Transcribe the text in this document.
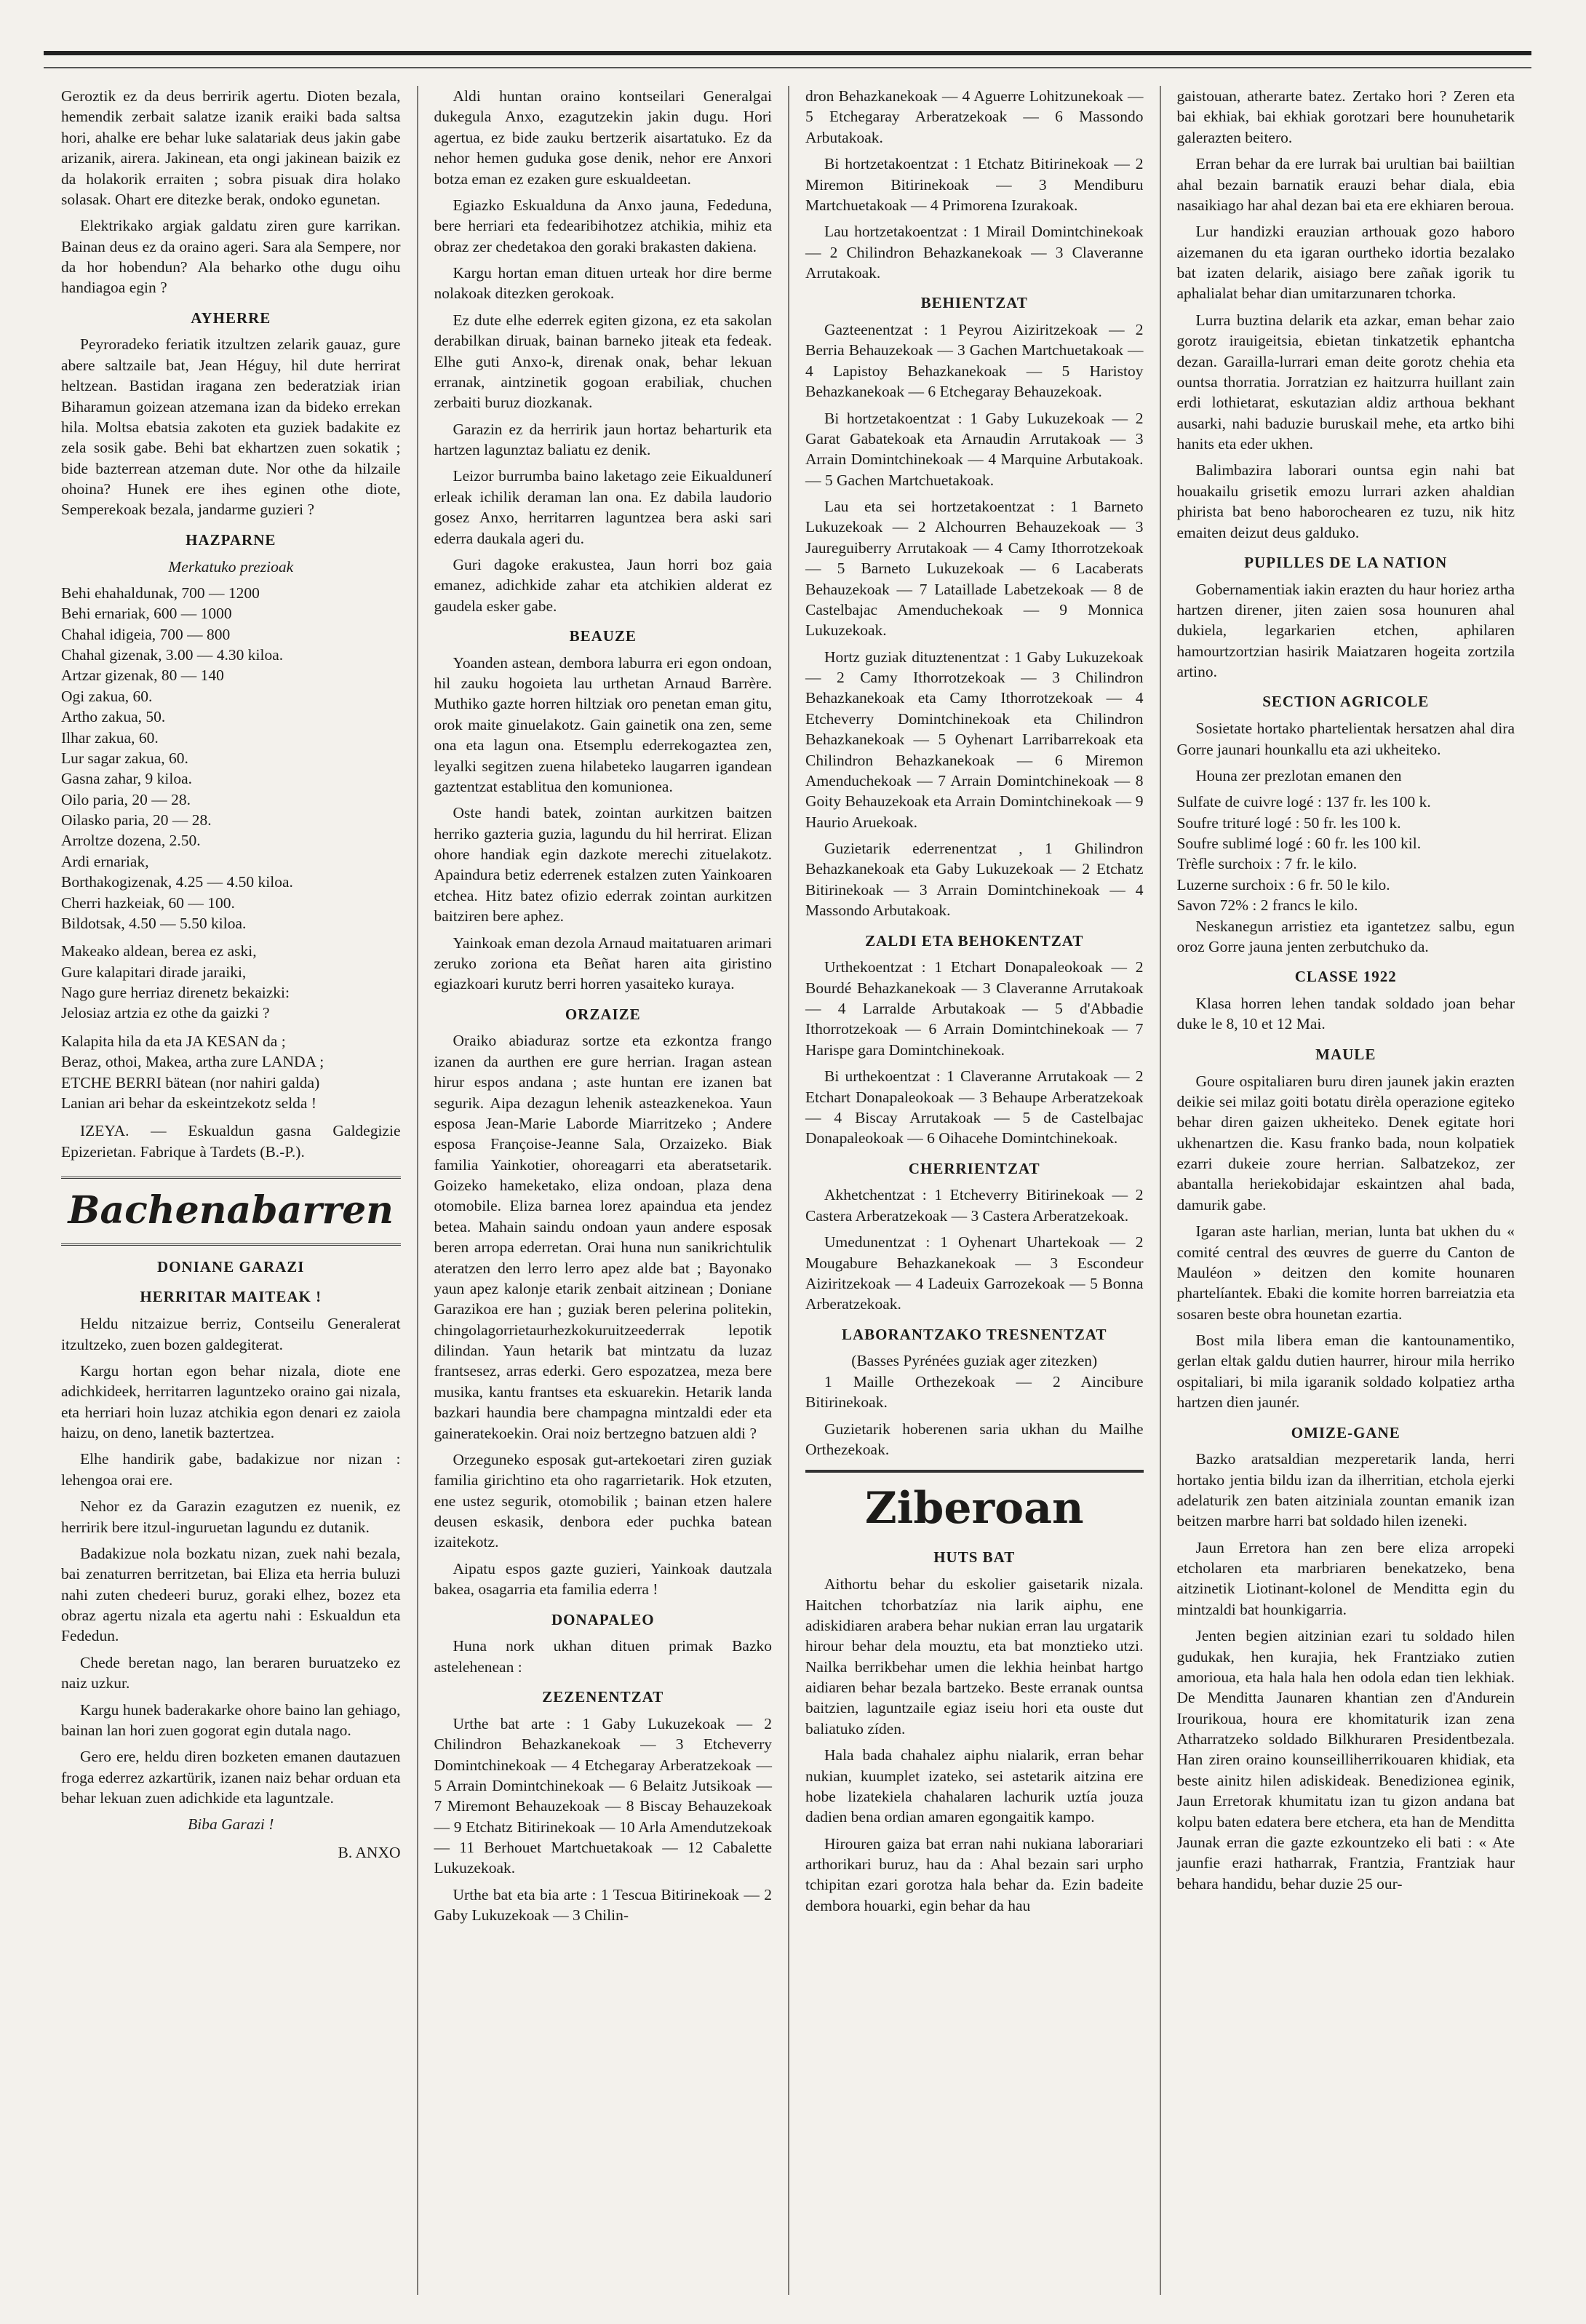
Geroztik ez da deus berririk agertu. Dioten bezala, hemendik zerbait salatze izanik eraiki bada saltsa hori, ahalke ere behar luke salatariak deus jakin gabe arizanik, airera. Jakinean, eta ongi jakinean baizik ez da holakorik erraiten ; sobra pisuak dira holako solasak. Ohart ere ditezke berak, ondoko egunetan.

Elektrikako argiak galdatu ziren gure karrikan. Bainan deus ez da oraino ageri. Sara ala Sempere, nor da hor hobendun? Ala beharko othe dugu oihu handiagoa egin ?

AYHERRE

Peyroradeko feriatik itzultzen zelarik gauaz, gure abere saltzaile bat, Jean Héguy, hil dute herrirat heltzean. Bastidan iragana zen bederatziak irian Biharamun goizean atzemana izan da bideko errekan hila. Moltsa ebatsia zakoten eta guziek badakite ez zela sosik gabe. Behi bat ekhartzen zuen sokatik ; bide bazterrean atzeman dute. Nor othe da hilzaile ohoina? Hunek ere ihes eginen othe diote, Semperekoak bezala, jandarme guzieri ?

HAZPARNE
Merkatuko prezioak
Behi ehahaldunak, 700 — 1200
Behi ernariak, 600 — 1000
Chahal idigeia, 700 — 800
Chahal gizenak, 3.00 — 4.30 kiloa.
Artzar gizenak, 80 — 140
Ogi zakua, 60.
Artho zakua, 50.
Ilhar zakua, 60.
Lur sagar zakua, 60.
Gasna zahar, 9 kiloa.
Oilo paria, 20 — 28.
Oilasko paria, 20 — 28.
Arroltze dozena, 2.50.
Ardi ernariak,
Borthakogizenak, 4.25 — 4.50 kiloa.
Cherri hazkeiak, 60 — 100.
Bildotsak, 4.50 — 5.50 kiloa.
Makeako aldean, berea ez aski,
Gure kalapitari dirade jaraiki,
Nago gure herriaz direnetz bekaizki:
Jelosiaz artzia ez othe da gaizki ?
Kalapita hila da eta JA KESAN da ;
Beraz, othoi, Makea, artha zure LANDA ;
ETCHE BERRI bätean (nor nahiri galda)
Lanian ari behar da eskeintzekotz selda !

IZEYA. — Eskualdun gasna Galdegizie Epizerietan. Fabrique à Tardets (B.-P.).

Bachenabarren
DONIANE GARAZI
HERRITAR MAITEAK !

Heldu nitzaizue berriz, Contseilu Generalerat itzultzeko, zuen bozen galdegiterat.

Kargu hortan egon behar nizala, diote ene adichkideek, herritarren laguntzeko oraino gai nizala, eta herriari hoin luzaz atchikia egon denari ez zaiola haizu, on deno, lanetik baztertzea.

Elhe handirik gabe, badakizue nor nizan : lehengoa orai ere.

Nehor ez da Garazin ezagutzen ez nuenik, ez herririk bere itzul-inguruetan lagundu ez dutanik.

Badakizue nola bozkatu nizan, zuek nahi bezala, bai zenaturren berritzetan, bai Eliza eta herria buluzi nahi zuten chedeeri buruz, goraki elhez, bozez eta obraz agertu nizala eta agertu nahi : Eskualdun eta Fededun.

Chede beretan nago, lan beraren buruatzeko ez naiz uzkur.

Kargu hunek baderakarke ohore baino lan gehiago, bainan lan hori zuen gogorat egin dutala nago.

Gero ere, heldu diren bozketen emanen dautazuen froga ederrez azkartürik, izanen naiz behar orduan eta behar lekuan zuen adichkide eta laguntzale.

Biba Garazi !
B. ANXO

Aldi huntan oraino kontseilari Generalgai dukegula Anxo, ezagutzekin jakin dugu. Hori agertua, ez bide zauku bertzerik aisartatuko. Ez da nehor hemen guduka gose denik, nehor ere Anxori botza eman ez ezaken gure eskualdeetan.

Egiazko Eskualduna da Anxo jauna, Fededuna, bere herriari eta fedearibihotzez atchikia, mihiz eta obraz zer chedetakoa den goraki brakasten dakiena.

Kargu hortan eman dituen urteak hor dire berme nolakoak ditezken gerokoak.

Ez dute elhe ederrek egiten gizona, ez eta sakolan derabilkan diruak, bainan barneko jiteak eta fedeak. Elhe guti Anxo-k, direnak onak, behar lekuan erranak, aintzinetik gogoan erabiliak, chuchen zerbaiti buruz diozkanak.

Garazin ez da herririk jaun hortaz beharturik eta hartzen lagunztaz baliatu ez denik.

Leizor burrumba baino laketago zeie Eikualdunerí erleak ichilik deraman lan ona. Ez dabila laudorio gosez Anxo, herritarren laguntzea bera aski sari ederra daukala ageri du.

Guri dagoke erakustea, Jaun horri boz gaia emanez, adichkide zahar eta atchikien alderat ez gaudela esker gabe.

BEAUZE

Yoanden astean, dembora laburra eri egon ondoan, hil zauku hogoieta lau urthetan Arnaud Barrère. Muthiko gazte horren hiltziak oro penetan eman gitu, orok maite ginuelakotz. Gain gainetik ona zen, seme ona eta lagun ona. Etsemplu ederrekogaztea zen, leyalki segitzen zuena hilabeteko laugarren igandean gaztentzat establitua den komunionea.

Oste handi batek, zointan aurkitzen baitzen herriko gazteria guzia, lagundu du hil herrirat. Elizan ohore handiak egin dazkote merechi zituelakotz. Apaindura betiz ederrenek estalzen zuten Yainkoaren etchea. Hitz batez ofizio ederrak zointan aurkitzen baitziren bere aphez.

Yainkoak eman dezola Arnaud maitatuaren arimari zeruko zoriona eta Beñat haren aita giristino egiazkoari kurutz berri horren yasaiteko kuraya.

ORZAIZE

Oraiko abiaduraz sortze eta ezkontza frango izanen da aurthen ere gure herrian. Iragan astean hirur espos andana ; aste huntan ere izanen bat segurik. Aipa dezagun lehenik asteazkenekoa. Yaun esposa Jean-Marie Laborde Miarritzeko ; Andere esposa Françoise-Jeanne Sala, Orzaizeko. Biak familia Yainkotier, ohoreagarri eta aberatsetarik. Goizeko hameketako, eliza ondoan, plaza dena otomobile. Eliza barnea lorez apaindua eta jendez betea. Mahain saindu ondoan yaun andere esposak beren arropa ederretan. Orai huna nun sanikrichtulik ateratzen den lerro lerro apez alde bat ; Bayonako yaun apez kalonje etarik zenbait aitzinean ; Doniane Garazikoa ere han ; guziak beren pelerina politekin, chingolagorrietaurhezkokuruitzeederrak lepotik dilindan. Yaun hetarik bat mintzatu da luzaz frantsesez, arras ederki. Gero espozatzea, meza bere musika, kantu frantses eta eskuarekin. Hetarik landa bazkari haundia bere champagna mintzaldi eder eta gaineratekoekin. Orai noiz bertzegno batzuen aldi ?

Orzeguneko esposak gut-artekoetari ziren guziak familia girichtino eta oho ragarrietarik. Hok etzuten, ene ustez segurik, otomobilik ; bainan etzen halere deusen eskasik, denbora eder puchka batean izaitekotz.

Aipatu espos gazte guzieri, Yainkoak dautzala bakea, osagarria eta familia ederra !

DONAPALEO

Huna nork ukhan dituen primak Bazko astelehenean :

ZEZENENTZAT

Urthe bat arte : 1 Gaby Lukuzekoak — 2 Chilindron Behazkanekoak — 3 Etcheverry Domintchinekoak — 4 Etchegaray Arberatzekoak — 5 Arrain Domintchinekoak — 6 Belaitz Jutsikoak — 7 Miremont Behauzekoak — 8 Biscay Behauzekoak — 9 Etchatz Bitirinekoak — 10 Arla Amendutzekoak — 11 Berhouet Martchuetakoak — 12 Cabalette Lukuzekoak.

Urthe bat eta bia arte : 1 Tescua Bitirinekoak — 2 Gaby Lukuzekoak — 3 Chilin-

dron Behazkanekoak — 4 Aguerre Lohitzunekoak — 5 Etchegaray Arberatzekoak — 6 Massondo Arbutakoak.

Bi hortzetakoentzat : 1 Etchatz Bitirinekoak — 2 Miremon Bitirinekoak — 3 Mendiburu Martchuetakoak — 4 Primorena Izurakoak.

Lau hortzetakoentzat : 1 Mirail Domintchinekoak — 2 Chilindron Behazkanekoak — 3 Claveranne Arrutakoak.

BEHIENTZAT

Gazteenentzat : 1 Peyrou Aiziritzekoak — 2 Berria Behauzekoak — 3 Gachen Martchuetakoak — 4 Lapistoy Behazkanekoak — 5 Haristoy Behazkanekoak — 6 Etchegaray Behauzekoak.

Bi hortzetakoentzat : 1 Gaby Lukuzekoak — 2 Garat Gabatekoak eta Arnaudin Arrutakoak — 3 Arrain Domintchinekoak — 4 Marquine Arbutakoak. — 5 Gachen Martchuetakoak.

Lau eta sei hortzetakoentzat : 1 Barneto Lukuzekoak — 2 Alchourren Behauzekoak — 3 Jaureguiberry Arrutakoak — 4 Camy Ithorrotzekoak — 5 Barneto Lukuzekoak — 6 Lacaberats Behauzekoak — 7 Lataillade Labetzekoak — 8 de Castelbajac Amenduchekoak — 9 Monnica Lukuzekoak.

Hortz guziak dituztenentzat : 1 Gaby Lukuzekoak — 2 Camy Ithorrotzekoak — 3 Chilindron Behazkanekoak eta Camy Ithorrotzekoak — 4 Etcheverry Domintchinekoak eta Chilindron Behazkanekoak — 5 Oyhenart Larribarrekoak eta Chilindron Behazkanekoak — 6 Miremon Amenduchekoak — 7 Arrain Domintchinekoak — 8 Goity Behauzekoak eta Arrain Domintchinekoak — 9 Haurio Aruekoak.

Guzietarik ederrenentzat , 1 Ghilindron Behazkanekoak eta Gaby Lukuzekoak — 2 Etchatz Bitirinekoak — 3 Arrain Domintchinekoak — 4 Massondo Arbutakoak.

ZALDI ETA BEHOKENTZAT

Urthekoentzat : 1 Etchart Donapaleokoak — 2 Bourdé Behazkanekoak — 3 Claveranne Arrutakoak — 4 Larralde Arbutakoak — 5 d'Abbadie Ithorrotzekoak — 6 Arrain Domintchinekoak — 7 Harispe gara Domintchinekoak.

Bi urthekoentzat : 1 Claveranne Arrutakoak — 2 Etchart Donapaleokoak — 3 Behaupe Arberatzekoak — 4 Biscay Arrutakoak — 5 de Castelbajac Donapaleokoak — 6 Oihacehe Domintchinekoak.

CHERRIENTZAT

Akhetchentzat : 1 Etcheverry Bitirinekoak — 2 Castera Arberatzekoak — 3 Castera Arberatzekoak.

Umedunentzat : 1 Oyhenart Uhartekoak — 2 Mougabure Behazkanekoak — 3 Escondeur Aiziritzekoak — 4 Ladeuix Garrozekoak — 5 Bonna Arberatzekoak.

LABORANTZAKO TRESNENTZAT
(Basses Pyrénées guziak ager zitezken)

1 Maille Orthezekoak — 2 Aincibure Bitirinekoak.

Guzietarik hoberenen saria ukhan du Mailhe Orthezekoak.

Ziberoan
HUTS BAT

Aithortu behar du eskolier gaisetarik nizala. Haitchen tchorbatzíaz nia larik aiphu, ene adiskidiaren arabera behar nukian erran lau urgatarik hirour behar dela mouztu, eta bat monztieko utzi. Nailka berrikbehar umen die lekhia heinbat hartgo aidiaren behar bezala bartzeko. Beste erranak ountsa baitzien, laguntzaile egiaz iseiu hori eta ouste dut baliatuko zíden.

Hala bada chahalez aiphu nialarik, erran behar nukian, kuumplet izateko, sei astetarik aitzina ere hobe lizatekiela chahalaren lachurik uztía jouza dadien bena ordian amaren egongaitik kampo.

Hirouren gaiza bat erran nahi nukiana laborariari arthorikari buruz, hau da : Ahal bezain sari urpho tchipitan ezari gorotza hala behar da. Ezin badeite dembora houarki, egin behar da hau

gaistouan, atherarte batez. Zertako hori ? Zeren eta bai ekhiak, bai ekhiak gorotzari bere hounuhetarik galerazten beitero.

Erran behar da ere lurrak bai urultian bai baiiltian ahal bezain barnatik erauzi behar diala, ebia nasaikiago har ahal dezan bai eta ere ekhiaren beroua.

Lur handizki erauzian arthouak gozo haboro aizemanen du eta igaran ourtheko idortia bezalako bat izaten delarik, aisiago bere zañak igorik tu aphalialat behar dian umitarzunaren tchorka.

Lurra buztina delarik eta azkar, eman behar zaio gorotz irauigeitsia, ebietan tinkatzetik ephantcha dezan. Garailla-lurrari eman deite gorotz chehia eta ountsa thorratia. Jorratzian ez haitzurra huillant zain erdi lothietarat, eskutazian aldiz arthoua bekhant ausarki, nahi baduzie buruskail mehe, eta artko bihi hanits eta eder ukhen.

Balimbazira laborari ountsa egin nahi bat houakailu grisetik emozu lurrari azken ahaldian phirista bat beno haborochearen ez tuzu, nik hitz emaiten deizut deus galduko.

PUPILLES DE LA NATION

Gobernamentiak iakin erazten du haur horiez artha hartzen direner, jiten zaien sosa hounuren ahal dukiela, legarkarien etchen, aphilaren hamourtzortzian hasirik Maiatzaren hogeita zortzila artino.

SECTION AGRICOLE

Sosietate hortako phartelientak hersatzen ahal dira Gorre jaunari hounkallu eta azi ukheiteko.

Houna zer prezlotan emanen den

Sulfate de cuivre logé : 137 fr. les 100 k.
Soufre trituré logé : 50 fr. les 100 k.
Soufre sublimé logé : 60 fr. les 100 kil.
Trèfle surchoix : 7 fr. le kilo.
Luzerne surchoix : 6 fr. 50 le kilo.
Savon 72% : 2 francs le kilo.

Neskanegun arristiez eta igantetzez salbu, egun oroz Gorre jauna jenten zerbutchuko da.

CLASSE 1922

Klasa horren lehen tandak soldado joan behar duke le 8, 10 et 12 Mai.

MAULE

Goure ospitaliaren buru diren jaunek jakin erazten deikie sei milaz goiti botatu dirèla operazione egiteko behar diren gaizen ukheiteko. Denek egitate hori ukhenartzen die. Kasu franko bada, noun kolpatiek ezarri dukeie zoure herrian. Salbatzekoz, zer abantalla heriekobidajar eskaintzen ahal bada, damurik gabe.

Igaran aste harlian, merian, lunta bat ukhen du « comité central des œuvres de guerre du Canton de Mauléon » deitzen den komite hounaren phartelíantek. Ebaki die komite horren barreiatzia eta sosaren beste obra hounetan ezartia.

Bost mila libera eman die kantounamentiko, gerlan eltak galdu dutien haurrer, hirour mila herriko ospitaliari, bi mila igaranik soldado kolpatiez artha hartzen dien jaunér.

OMIZE-GANE

Bazko aratsaldian mezperetarik landa, herri hortako jentia bildu izan da ilherritian, etchola ejerki adelaturik zen baten aitziniala zountan emanik izan beitzen marbre harri bat soldado hilen izeneki.

Jaun Erretora han zen bere eliza arropeki etcholaren eta marbriaren benekatzeko, bena aitzinetik Liotinant-kolonel de Menditta egin du mintzaldi bat hounkigarria.

Jenten begien aitzinian ezari tu soldado hilen gudukak, hen kurajia, hek Frantziako zutien amorioua, eta hala hala hen odola edan tien lekhiak. De Menditta Jaunaren khantian zen d'Andurein Irourikoua, houra ere khomitaturik izan zena Atharratzeko soldado Bilkhuraren Presidentbezala. Han ziren oraino kounseilliherrikouaren khidiak, eta beste ainitz hilen adiskideak. Benedizionea eginik, Jaun Erretorak khumitatu izan tu gizon andana bat kolpu baten edatera bere etchera, eta han de Menditta Jaunak erran die gazte ezkountzeko eli bati : « Ate jaunfie erazi hatharrak, Frantzia, Frantziak haur behara handidu, behar duzie 25 our-
